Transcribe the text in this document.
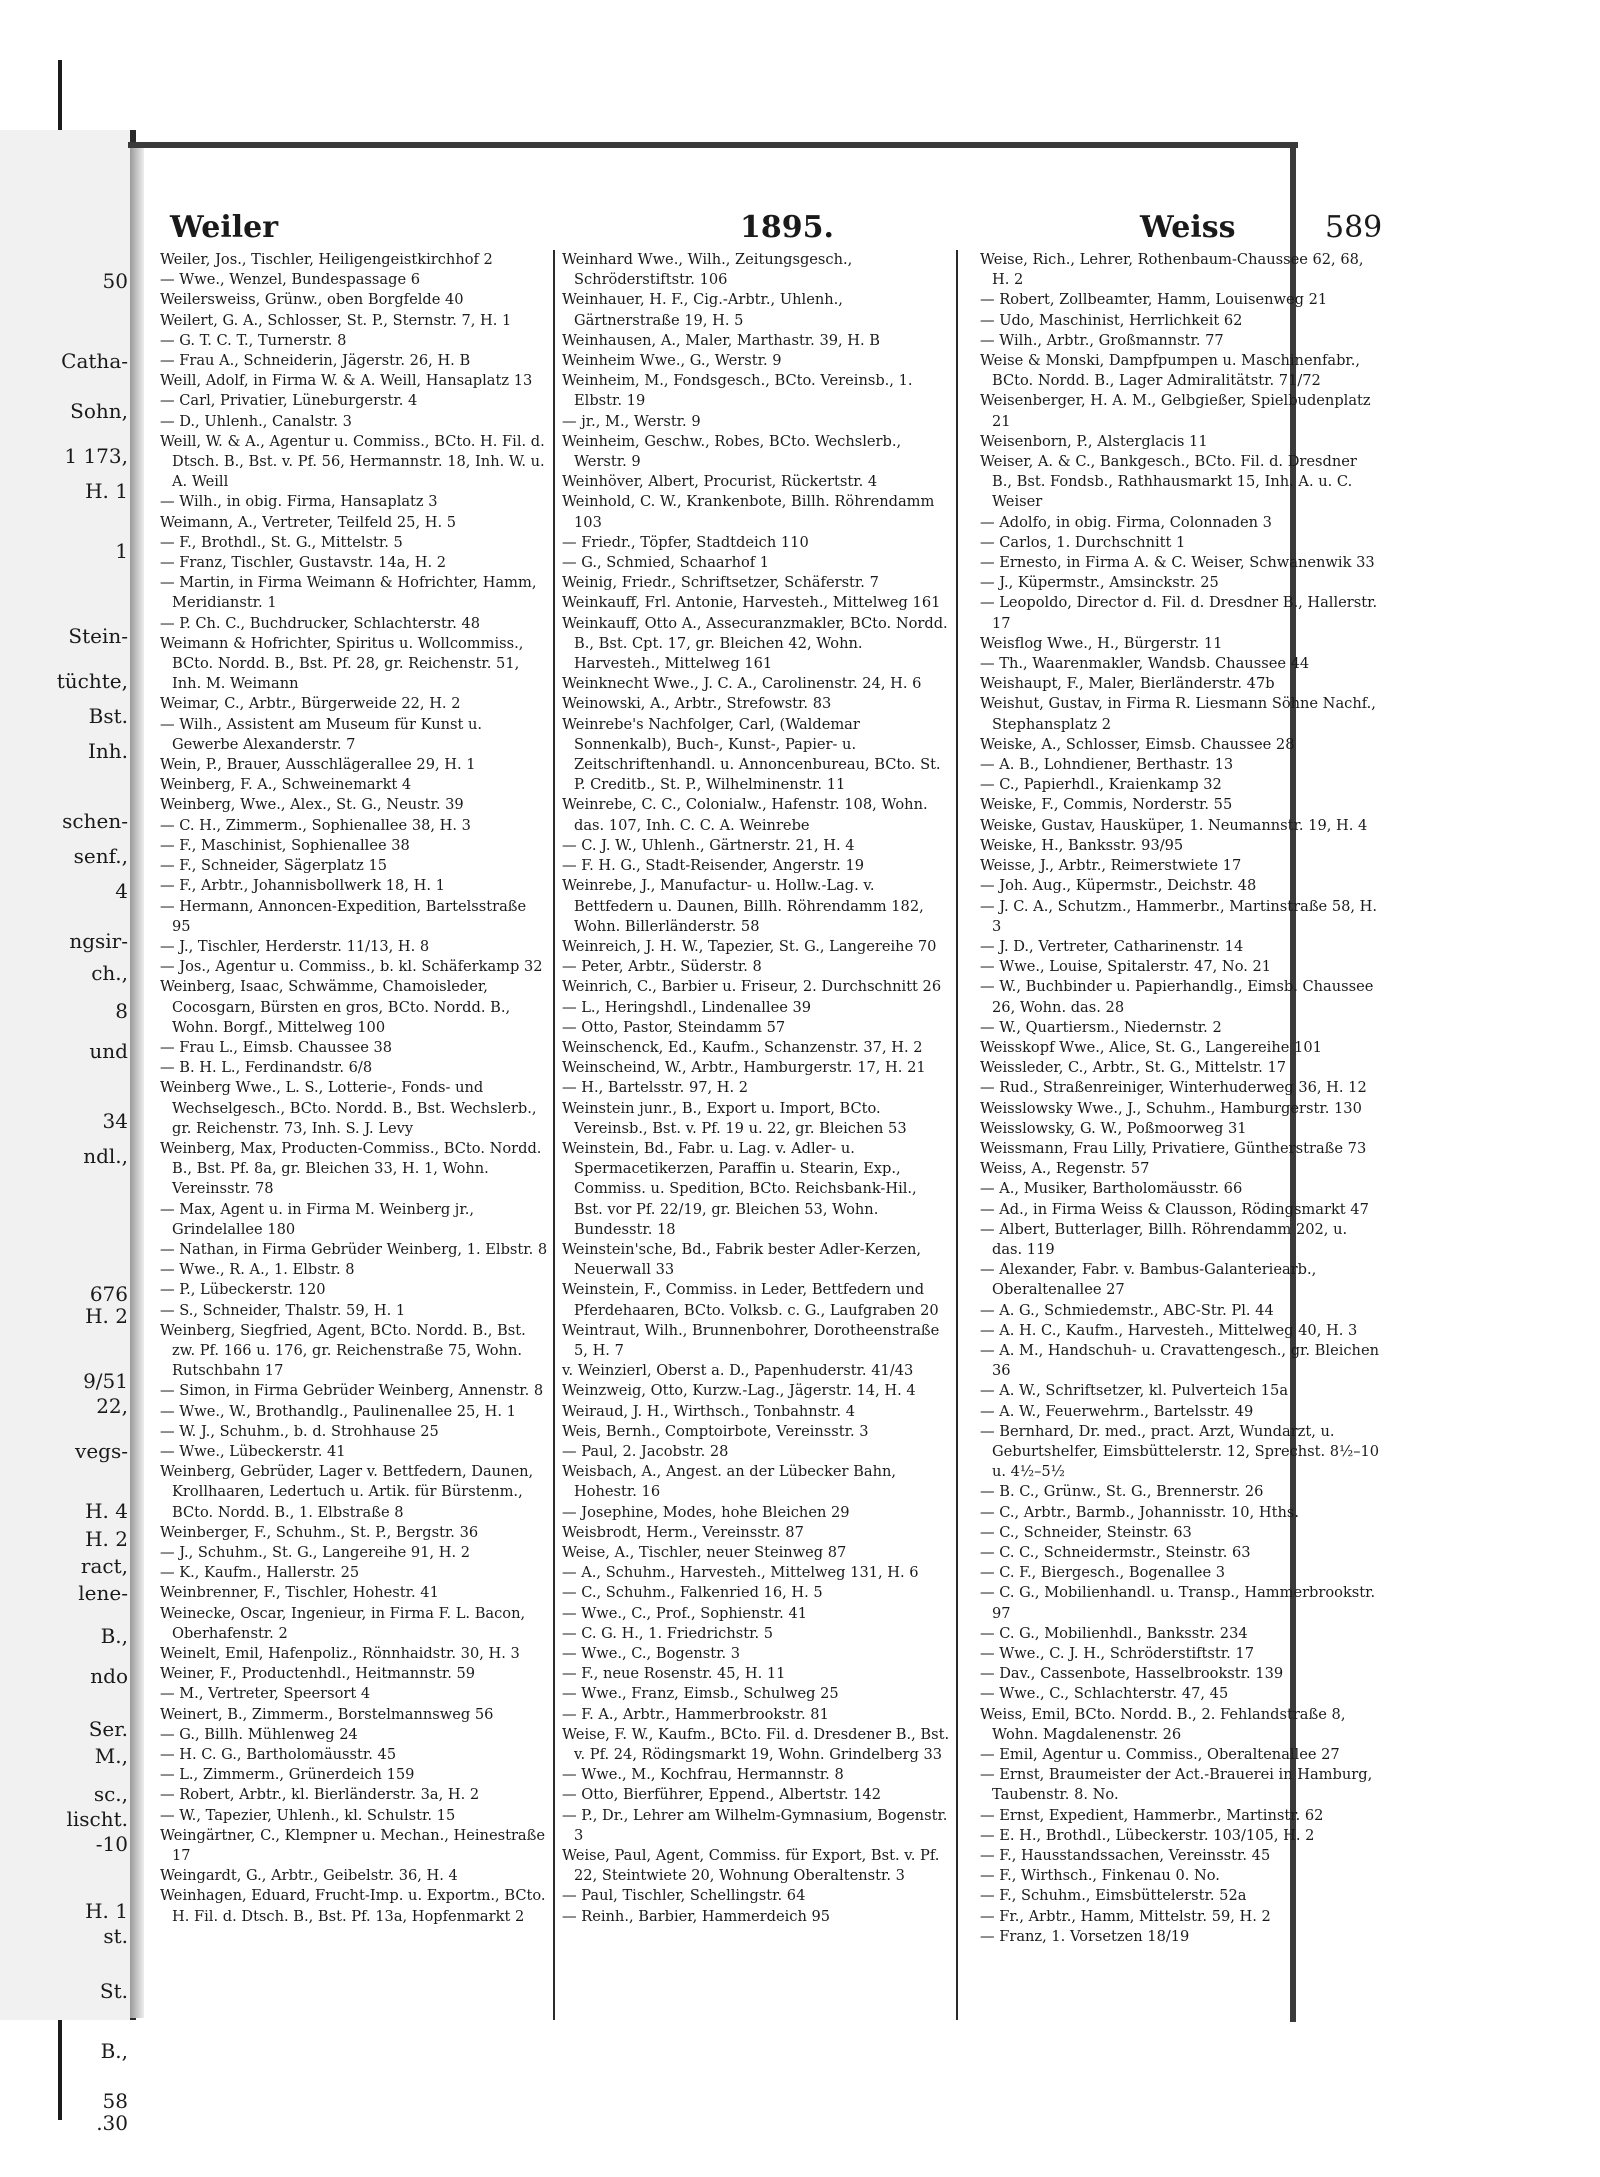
50
Catha-
Sohn,
1 173,
H. 1
1
Stein-
tüchte,
Bst.
Inh.
schen-
senf.,
4
ngsir-
ch.,
8
und
34
ndl.,
676
H. 2
9/51
22,
vegs-
H. 4
H. 2
ract,
lene-
B.,
ndo
Ser.
M.,
sc.,
lischt.
-10
H. 1
st.
St.
B.,
58
.30
Weiler	1895.	Weiss	589

Weiler, Jos., Tischler, Heiligengeistkirchhof 2

— Wwe., Wenzel, Bundespassage 6

Weilersweiss, Grünw., oben Borgfelde 40

Weilert, G. A., Schlosser, St. P., Sternstr. 7, H. 1

— G. T. C. T., Turnerstr. 8

— Frau A., Schneiderin, Jägerstr. 26, H. B

Weill, Adolf, in Firma W. & A. Weill, Hansaplatz 13

— Carl, Privatier, Lüneburgerstr. 4

— D., Uhlenh., Canalstr. 3

Weill, W. & A., Agentur u. Commiss., BCto. H. Fil. d. Dtsch. B., Bst. v. Pf. 56, Hermannstr. 18, Inh. W. u. A. Weill

— Wilh., in obig. Firma, Hansaplatz 3

Weimann, A., Vertreter, Teilfeld 25, H. 5

— F., Brothdl., St. G., Mittelstr. 5

— Franz, Tischler, Gustavstr. 14a, H. 2

— Martin, in Firma Weimann & Hofrichter, Hamm, Meridianstr. 1

— P. Ch. C., Buchdrucker, Schlachterstr. 48

Weimann & Hofrichter, Spiritus u. Wollcommiss., BCto. Nordd. B., Bst. Pf. 28, gr. Reichenstr. 51, Inh. M. Weimann

Weimar, C., Arbtr., Bürgerweide 22, H. 2

— Wilh., Assistent am Museum für Kunst u. Gewerbe Alexanderstr. 7

Wein, P., Brauer, Ausschlägerallee 29, H. 1

Weinberg, F. A., Schweinemarkt 4

Weinberg, Wwe., Alex., St. G., Neustr. 39

— C. H., Zimmerm., Sophienallee 38, H. 3

— F., Maschinist, Sophienallee 38

— F., Schneider, Sägerplatz 15

— F., Arbtr., Johannisbollwerk 18, H. 1

— Hermann, Annoncen-Expedition, Bartelsstraße 95

— J., Tischler, Herderstr. 11/13, H. 8

— Jos., Agentur u. Commiss., b. kl. Schäferkamp 32

Weinberg, Isaac, Schwämme, Chamoisleder, Cocosgarn, Bürsten en gros, BCto. Nordd. B., Wohn. Borgf., Mittelweg 100

— Frau L., Eimsb. Chaussee 38

— B. H. L., Ferdinandstr. 6/8

Weinberg Wwe., L. S., Lotterie-, Fonds- und Wechselgesch., BCto. Nordd. B., Bst. Wechslerb., gr. Reichenstr. 73, Inh. S. J. Levy

Weinberg, Max, Producten-Commiss., BCto. Nordd. B., Bst. Pf. 8a, gr. Bleichen 33, H. 1, Wohn. Vereinsstr. 78

— Max, Agent u. in Firma M. Weinberg jr., Grindelallee 180

— Nathan, in Firma Gebrüder Weinberg, 1. Elbstr. 8

— Wwe., R. A., 1. Elbstr. 8

— P., Lübeckerstr. 120

— S., Schneider, Thalstr. 59, H. 1

Weinberg, Siegfried, Agent, BCto. Nordd. B., Bst. zw. Pf. 166 u. 176, gr. Reichenstraße 75, Wohn. Rutschbahn 17

— Simon, in Firma Gebrüder Weinberg, Annenstr. 8

— Wwe., W., Brothandlg., Paulinenallee 25, H. 1

— W. J., Schuhm., b. d. Strohhause 25

— Wwe., Lübeckerstr. 41

Weinberg, Gebrüder, Lager v. Bettfedern, Daunen, Krollhaaren, Ledertuch u. Artik. für Bürstenm., BCto. Nordd. B., 1. Elbstraße 8

Weinberger, F., Schuhm., St. P., Bergstr. 36

— J., Schuhm., St. G., Langereihe 91, H. 2

— K., Kaufm., Hallerstr. 25

Weinbrenner, F., Tischler, Hohestr. 41

Weinecke, Oscar, Ingenieur, in Firma F. L. Bacon, Oberhafenstr. 2

Weinelt, Emil, Hafenpoliz., Rönnhaidstr. 30, H. 3

Weiner, F., Productenhdl., Heitmannstr. 59

— M., Vertreter, Speersort 4

Weinert, B., Zimmerm., Borstelmannsweg 56

— G., Billh. Mühlenweg 24

— H. C. G., Bartholomäusstr. 45

— L., Zimmerm., Grünerdeich 159

— Robert, Arbtr., kl. Bierländerstr. 3a, H. 2

— W., Tapezier, Uhlenh., kl. Schulstr. 15

Weingärtner, C., Klempner u. Mechan., Heinestraße 17

Weingardt, G., Arbtr., Geibelstr. 36, H. 4

Weinhagen, Eduard, Frucht-Imp. u. Exportm., BCto. H. Fil. d. Dtsch. B., Bst. Pf. 13a, Hopfenmarkt 2

Weinhard Wwe., Wilh., Zeitungsgesch., Schröderstiftstr. 106

Weinhauer, H. F., Cig.-Arbtr., Uhlenh., Gärtnerstraße 19, H. 5

Weinhausen, A., Maler, Marthastr. 39, H. B

Weinheim Wwe., G., Werstr. 9

Weinheim, M., Fondsgesch., BCto. Vereinsb., 1. Elbstr. 19

— jr., M., Werstr. 9

Weinheim, Geschw., Robes, BCto. Wechslerb., Werstr. 9

Weinhöver, Albert, Procurist, Rückertstr. 4

Weinhold, C. W., Krankenbote, Billh. Röhrendamm 103

— Friedr., Töpfer, Stadtdeich 110

— G., Schmied, Schaarhof 1

Weinig, Friedr., Schriftsetzer, Schäferstr. 7

Weinkauff, Frl. Antonie, Harvesteh., Mittelweg 161

Weinkauff, Otto A., Assecuranzmakler, BCto. Nordd. B., Bst. Cpt. 17, gr. Bleichen 42, Wohn. Harvesteh., Mittelweg 161

Weinknecht Wwe., J. C. A., Carolinenstr. 24, H. 6

Weinowski, A., Arbtr., Strefowstr. 83

Weinrebe's Nachfolger, Carl, (Waldemar Sonnenkalb), Buch-, Kunst-, Papier- u. Zeitschriftenhandl. u. Annoncenbureau, BCto. St. P. Creditb., St. P., Wilhelminenstr. 11

Weinrebe, C. C., Colonialw., Hafenstr. 108, Wohn. das. 107, Inh. C. C. A. Weinrebe

— C. J. W., Uhlenh., Gärtnerstr. 21, H. 4

— F. H. G., Stadt-Reisender, Angerstr. 19

Weinrebe, J., Manufactur- u. Hollw.-Lag. v. Bettfedern u. Daunen, Billh. Röhrendamm 182, Wohn. Billerländerstr. 58

Weinreich, J. H. W., Tapezier, St. G., Langereihe 70

— Peter, Arbtr., Süderstr. 8

Weinrich, C., Barbier u. Friseur, 2. Durchschnitt 26

— L., Heringshdl., Lindenallee 39

— Otto, Pastor, Steindamm 57

Weinschenck, Ed., Kaufm., Schanzenstr. 37, H. 2

Weinscheind, W., Arbtr., Hamburgerstr. 17, H. 21

— H., Bartelsstr. 97, H. 2

Weinstein junr., B., Export u. Import, BCto. Vereinsb., Bst. v. Pf. 19 u. 22, gr. Bleichen 53

Weinstein, Bd., Fabr. u. Lag. v. Adler- u. Spermacetikerzen, Paraffin u. Stearin, Exp., Commiss. u. Spedition, BCto. Reichsbank-Hil., Bst. vor Pf. 22/19, gr. Bleichen 53, Wohn. Bundesstr. 18

Weinstein'sche, Bd., Fabrik bester Adler-Kerzen, Neuerwall 33

Weinstein, F., Commiss. in Leder, Bettfedern und Pferdehaaren, BCto. Volksb. c. G., Laufgraben 20

Weintraut, Wilh., Brunnenbohrer, Dorotheenstraße 5, H. 7

v. Weinzierl, Oberst a. D., Papenhuderstr. 41/43

Weinzweig, Otto, Kurzw.-Lag., Jägerstr. 14, H. 4

Weiraud, J. H., Wirthsch., Tonbahnstr. 4

Weis, Bernh., Comptoirbote, Vereinsstr. 3

— Paul, 2. Jacobstr. 28

Weisbach, A., Angest. an der Lübecker Bahn, Hohestr. 16

— Josephine, Modes, hohe Bleichen 29

Weisbrodt, Herm., Vereinsstr. 87

Weise, A., Tischler, neuer Steinweg 87

— A., Schuhm., Harvesteh., Mittelweg 131, H. 6

— C., Schuhm., Falkenried 16, H. 5

— Wwe., C., Prof., Sophienstr. 41

— C. G. H., 1. Friedrichstr. 5

— Wwe., C., Bogenstr. 3

— F., neue Rosenstr. 45, H. 11

— Wwe., Franz, Eimsb., Schulweg 25

— F. A., Arbtr., Hammerbrookstr. 81

Weise, F. W., Kaufm., BCto. Fil. d. Dresdener B., Bst. v. Pf. 24, Rödingsmarkt 19, Wohn. Grindelberg 33

— Wwe., M., Kochfrau, Hermannstr. 8

— Otto, Bierführer, Eppend., Albertstr. 142

— P., Dr., Lehrer am Wilhelm-Gymnasium, Bogenstr. 3

Weise, Paul, Agent, Commiss. für Export, Bst. v. Pf. 22, Steintwiete 20, Wohnung Oberaltenstr. 3

— Paul, Tischler, Schellingstr. 64

— Reinh., Barbier, Hammerdeich 95

Weise, Rich., Lehrer, Rothenbaum-Chaussee 62, 68, H. 2

— Robert, Zollbeamter, Hamm, Louisenweg 21

— Udo, Maschinist, Herrlichkeit 62

— Wilh., Arbtr., Großmannstr. 77

Weise & Monski, Dampfpumpen u. Maschinenfabr., BCto. Nordd. B., Lager Admiralitätstr. 71/72

Weisenberger, H. A. M., Gelbgießer, Spielbudenplatz 21

Weisenborn, P., Alsterglacis 11

Weiser, A. & C., Bankgesch., BCto. Fil. d. Dresdner B., Bst. Fondsb., Rathhausmarkt 15, Inh. A. u. C. Weiser

— Adolfo, in obig. Firma, Colonnaden 3

— Carlos, 1. Durchschnitt 1

— Ernesto, in Firma A. & C. Weiser, Schwanenwik 33

— J., Küpermstr., Amsinckstr. 25

— Leopoldo, Director d. Fil. d. Dresdner B., Hallerstr. 17

Weisflog Wwe., H., Bürgerstr. 11

— Th., Waarenmakler, Wandsb. Chaussee 44

Weishaupt, F., Maler, Bierländerstr. 47b

Weishut, Gustav, in Firma R. Liesmann Söhne Nachf., Stephansplatz 2

Weiske, A., Schlosser, Eimsb. Chaussee 28

— A. B., Lohndiener, Berthastr. 13

— C., Papierhdl., Kraienkamp 32

Weiske, F., Commis, Norderstr. 55

Weiske, Gustav, Hausküper, 1. Neumannstr. 19, H. 4

Weiske, H., Banksstr. 93/95

Weisse, J., Arbtr., Reimerstwiete 17

— Joh. Aug., Küpermstr., Deichstr. 48

— J. C. A., Schutzm., Hammerbr., Martinstraße 58, H. 3

— J. D., Vertreter, Catharinenstr. 14

— Wwe., Louise, Spitalerstr. 47, No. 21

— W., Buchbinder u. Papierhandlg., Eimsb. Chaussee 26, Wohn. das. 28

— W., Quartiersm., Niedernstr. 2

Weisskopf Wwe., Alice, St. G., Langereihe 101

Weissleder, C., Arbtr., St. G., Mittelstr. 17

— Rud., Straßenreiniger, Winterhuderweg 36, H. 12

Weisslowsky Wwe., J., Schuhm., Hamburgerstr. 130

Weisslowsky, G. W., Poßmoorweg 31

Weissmann, Frau Lilly, Privatiere, Güntherstraße 73

Weiss, A., Regenstr. 57

— A., Musiker, Bartholomäusstr. 66

— Ad., in Firma Weiss & Clausson, Rödingsmarkt 47

— Albert, Butterlager, Billh. Röhrendamm 202, u. das. 119

— Alexander, Fabr. v. Bambus-Galanteriearb., Oberaltenallee 27

— A. G., Schmiedemstr., ABC-Str. Pl. 44

— A. H. C., Kaufm., Harvesteh., Mittelweg 40, H. 3

— A. M., Handschuh- u. Cravattengesch., gr. Bleichen 36

— A. W., Schriftsetzer, kl. Pulverteich 15a

— A. W., Feuerwehrm., Bartelsstr. 49

— Bernhard, Dr. med., pract. Arzt, Wundarzt, u. Geburtshelfer, Eimsbüttelerstr. 12, Sprechst. 8½–10 u. 4½–5½

— B. C., Grünw., St. G., Brennerstr. 26

— C., Arbtr., Barmb., Johannisstr. 10, Hths.

— C., Schneider, Steinstr. 63

— C. C., Schneidermstr., Steinstr. 63

— C. F., Biergesch., Bogenallee 3

— C. G., Mobilienhandl. u. Transp., Hammerbrookstr. 97

— C. G., Mobilienhdl., Banksstr. 234

— Wwe., C. J. H., Schröderstiftstr. 17

— Dav., Cassenbote, Hasselbrookstr. 139

— Wwe., C., Schlachterstr. 47, 45

Weiss, Emil, BCto. Nordd. B., 2. Fehlandstraße 8, Wohn. Magdalenenstr. 26

— Emil, Agentur u. Commiss., Oberaltenallee 27

— Ernst, Braumeister der Act.-Brauerei in Hamburg, Taubenstr. 8. No.

— Ernst, Expedient, Hammerbr., Martinstr. 62

— E. H., Brothdl., Lübeckerstr. 103/105, H. 2

— F., Hausstandssachen, Vereinsstr. 45

— F., Wirthsch., Finkenau 0. No.

— F., Schuhm., Eimsbüttelerstr. 52a

— Fr., Arbtr., Hamm, Mittelstr. 59, H. 2

— Franz, 1. Vorsetzen 18/19
